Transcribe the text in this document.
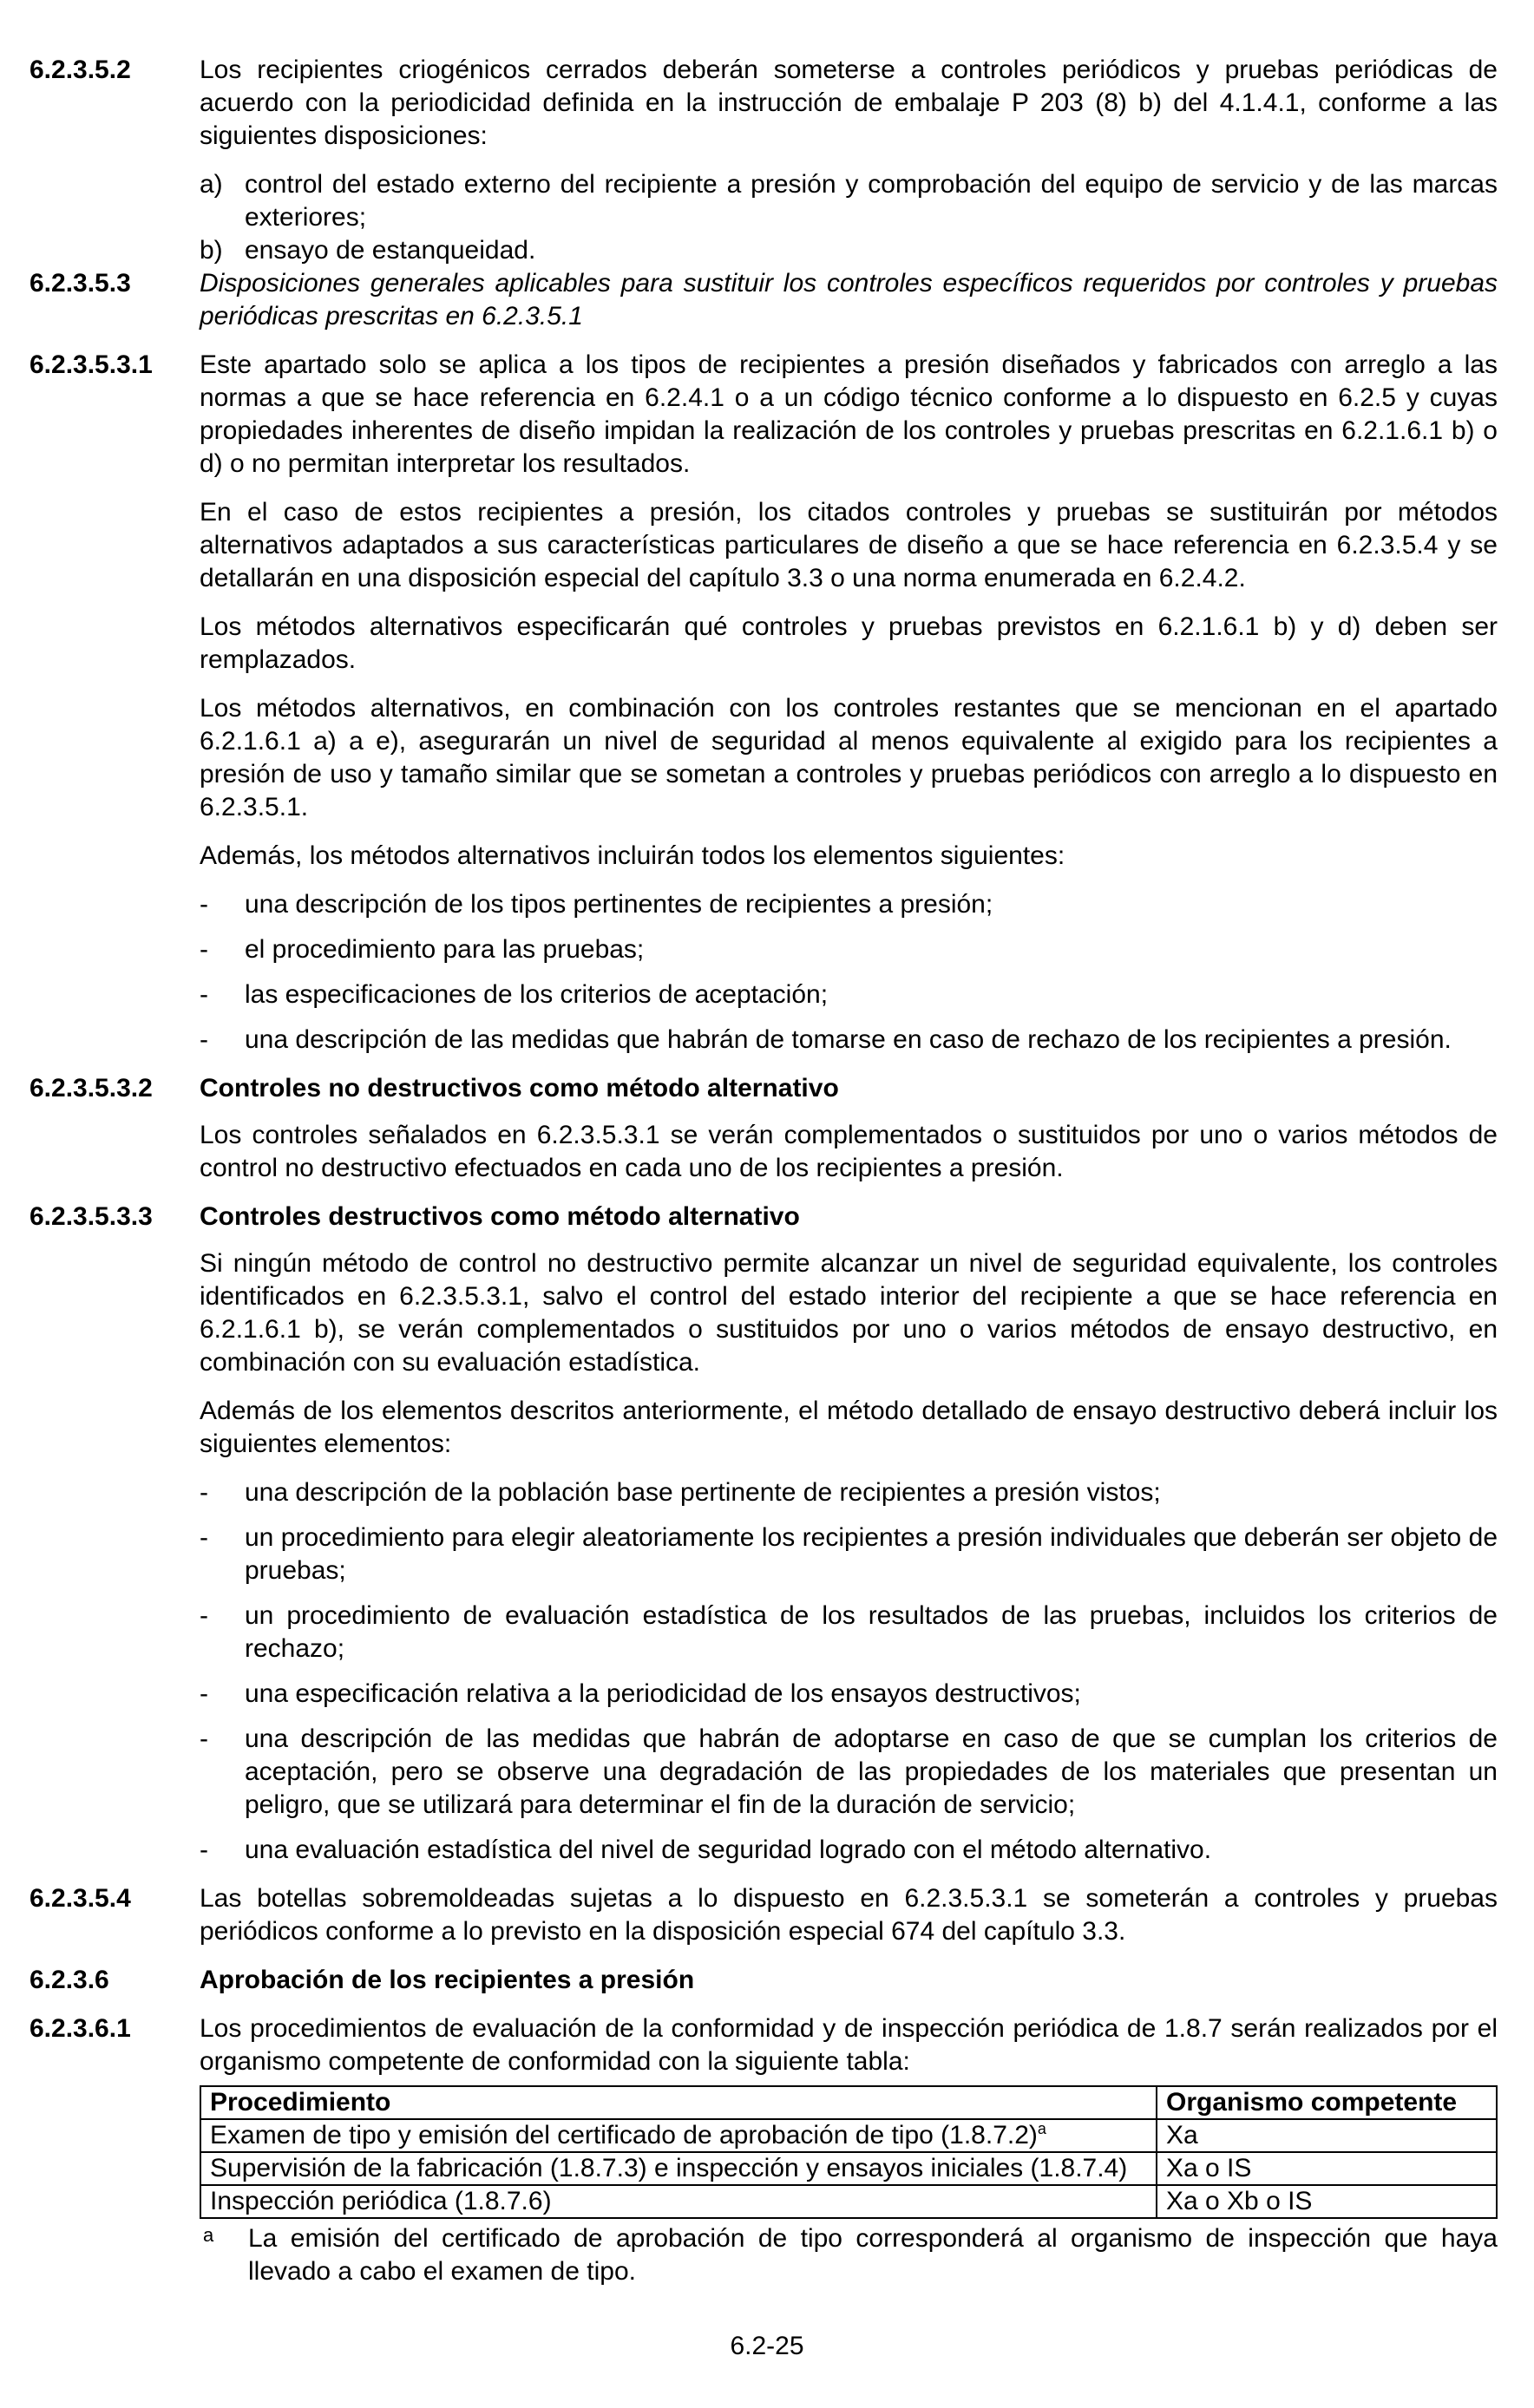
6.2.3.5.2	Los recipientes criogénicos cerrados deberán someterse a controles periódicos y pruebas periódicas de acuerdo con la periodicidad definida en la instrucción de embalaje P 203 (8) b) del 4.1.4.1, conforme a las siguientes disposiciones:
a) control del estado externo del recipiente a presión y comprobación del equipo de servicio y de las marcas exteriores;
b) ensayo de estanqueidad.
6.2.3.5.3	Disposiciones generales aplicables para sustituir los controles específicos requeridos por controles y pruebas periódicas prescritas en 6.2.3.5.1
6.2.3.5.3.1	Este apartado solo se aplica a los tipos de recipientes a presión diseñados y fabricados con arreglo a las normas a que se hace referencia en 6.2.4.1 o a un código técnico conforme a lo dispuesto en 6.2.5 y cuyas propiedades inherentes de diseño impidan la realización de los controles y pruebas prescritas en 6.2.1.6.1 b) o d) o no permitan interpretar los resultados.
En el caso de estos recipientes a presión, los citados controles y pruebas se sustituirán por métodos alternativos adaptados a sus características particulares de diseño a que se hace referencia en 6.2.3.5.4 y se detallarán en una disposición especial del capítulo 3.3 o una norma enumerada en 6.2.4.2.
Los métodos alternativos especificarán qué controles y pruebas previstos en 6.2.1.6.1 b) y d) deben ser remplazados.
Los métodos alternativos, en combinación con los controles restantes que se mencionan en el apartado 6.2.1.6.1 a) a e), asegurarán un nivel de seguridad al menos equivalente al exigido para los recipientes a presión de uso y tamaño similar que se sometan a controles y pruebas periódicos con arreglo a lo dispuesto en 6.2.3.5.1.
Además, los métodos alternativos incluirán todos los elementos siguientes:
-	una descripción de los tipos pertinentes de recipientes a presión;
-	el procedimiento para las pruebas;
-	las especificaciones de los criterios de aceptación;
-	una descripción de las medidas que habrán de tomarse en caso de rechazo de los recipientes a presión.
6.2.3.5.3.2	Controles no destructivos como método alternativo
Los controles señalados en 6.2.3.5.3.1 se verán complementados o sustituidos por uno o varios métodos de control no destructivo efectuados en cada uno de los recipientes a presión.
6.2.3.5.3.3	Controles destructivos como método alternativo
Si ningún método de control no destructivo permite alcanzar un nivel de seguridad equivalente, los controles identificados en 6.2.3.5.3.1, salvo el control del estado interior del recipiente a que se hace referencia en 6.2.1.6.1 b), se verán complementados o sustituidos por uno o varios métodos de ensayo destructivo, en combinación con su evaluación estadística.
Además de los elementos descritos anteriormente, el método detallado de ensayo destructivo deberá incluir los siguientes elementos:
-	una descripción de la población base pertinente de recipientes a presión vistos;
-	un procedimiento para elegir aleatoriamente los recipientes a presión individuales que deberán ser objeto de pruebas;
-	un procedimiento de evaluación estadística de los resultados de las pruebas, incluidos los criterios de rechazo;
-	una especificación relativa a la periodicidad de los ensayos destructivos;
-	una descripción de las medidas que habrán de adoptarse en caso de que se cumplan los criterios de aceptación, pero se observe una degradación de las propiedades de los materiales que presentan un peligro, que se utilizará para determinar el fin de la duración de servicio;
-	una evaluación estadística del nivel de seguridad logrado con el método alternativo.
6.2.3.5.4	Las botellas sobremoldeadas sujetas a lo dispuesto en 6.2.3.5.3.1 se someterán a controles y pruebas periódicos conforme a lo previsto en la disposición especial 674 del capítulo 3.3.
6.2.3.6	Aprobación de los recipientes a presión
6.2.3.6.1	Los procedimientos de evaluación de la conformidad y de inspección periódica de 1.8.7 serán realizados por el organismo competente de conformidad con la siguiente tabla:
Procedimiento	Organismo competente
Examen de tipo y emisión del certificado de aprobación de tipo $(1.8.7.2)^a$	Xa
Supervisión de la fabricación (1.8.7.3) e inspección y ensayos iniciales (1.8.7.4)	Xa o IS
Inspección periódica (1.8.7.6)	Xa o Xb o IS
a	La emisión del certificado de aprobación de tipo corresponderá al organismo de inspección que haya llevado a cabo el examen de tipo.
6.2-25
